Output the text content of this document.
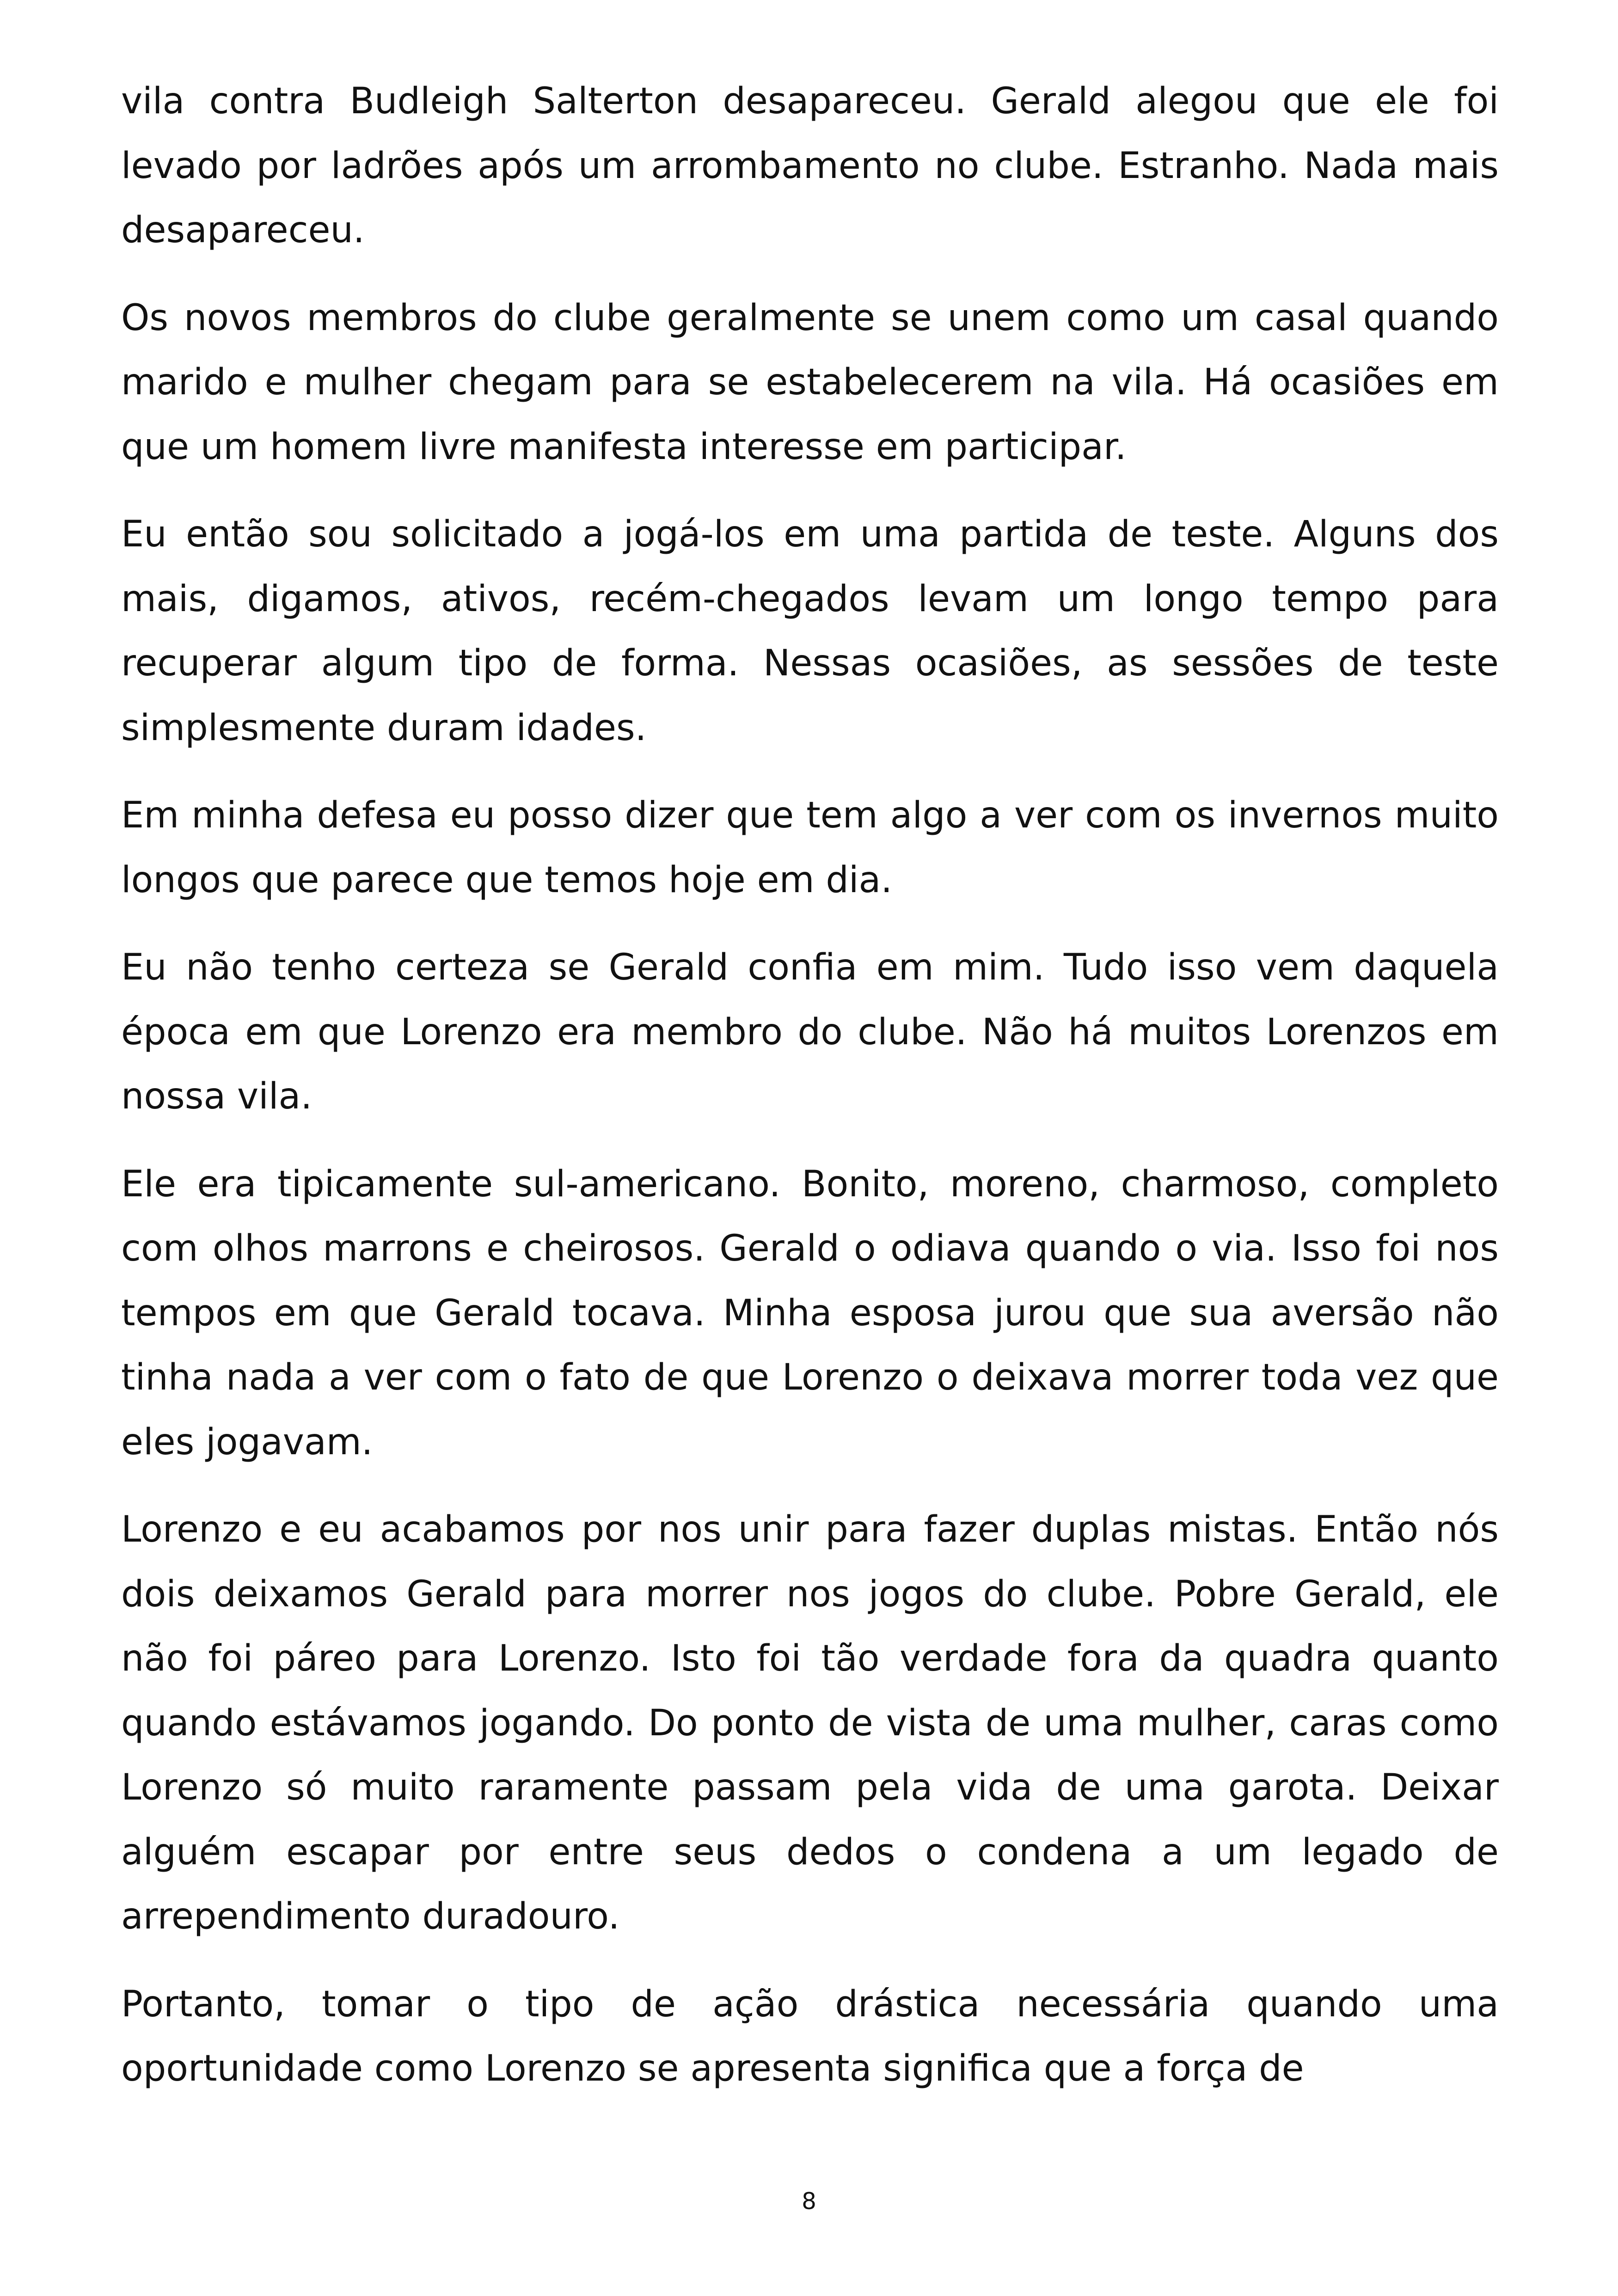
vila contra Budleigh Salterton desapareceu. Gerald alegou que ele foi levado por ladrões após um arrombamento no clube. Estranho. Nada mais desapareceu.

Os novos membros do clube geralmente se unem como um casal quando marido e mulher chegam para se estabelecerem na vila. Há ocasiões em que um homem livre manifesta interesse em participar.

Eu então sou solicitado a jogá-los em uma partida de teste. Alguns dos mais, digamos, ativos, recém-chegados levam um longo tempo para recuperar algum tipo de forma. Nessas ocasiões, as sessões de teste simplesmente duram idades.

Em minha defesa eu posso dizer que tem algo a ver com os invernos muito longos que parece que temos hoje em dia.

Eu não tenho certeza se Gerald confia em mim. Tudo isso vem daquela época em que Lorenzo era membro do clube. Não há muitos Lorenzos em nossa vila.

Ele era tipicamente sul-americano. Bonito, moreno, charmoso, completo com olhos marrons e cheirosos. Gerald o odiava quando o via. Isso foi nos tempos em que Gerald tocava. Minha esposa jurou que sua aversão não tinha nada a ver com o fato de que Lorenzo o deixava morrer toda vez que eles jogavam.

Lorenzo e eu acabamos por nos unir para fazer duplas mistas. Então nós dois deixamos Gerald para morrer nos jogos do clube. Pobre Gerald, ele não foi páreo para Lorenzo. Isto foi tão verdade fora da quadra quanto quando estávamos jogando. Do ponto de vista de uma mulher, caras como Lorenzo só muito raramente passam pela vida de uma garota. Deixar alguém escapar por entre seus dedos o condena a um legado de arrependimento duradouro.

Portanto, tomar o tipo de ação drástica necessária quando uma oportunidade como Lorenzo se apresenta significa que a força de

8
